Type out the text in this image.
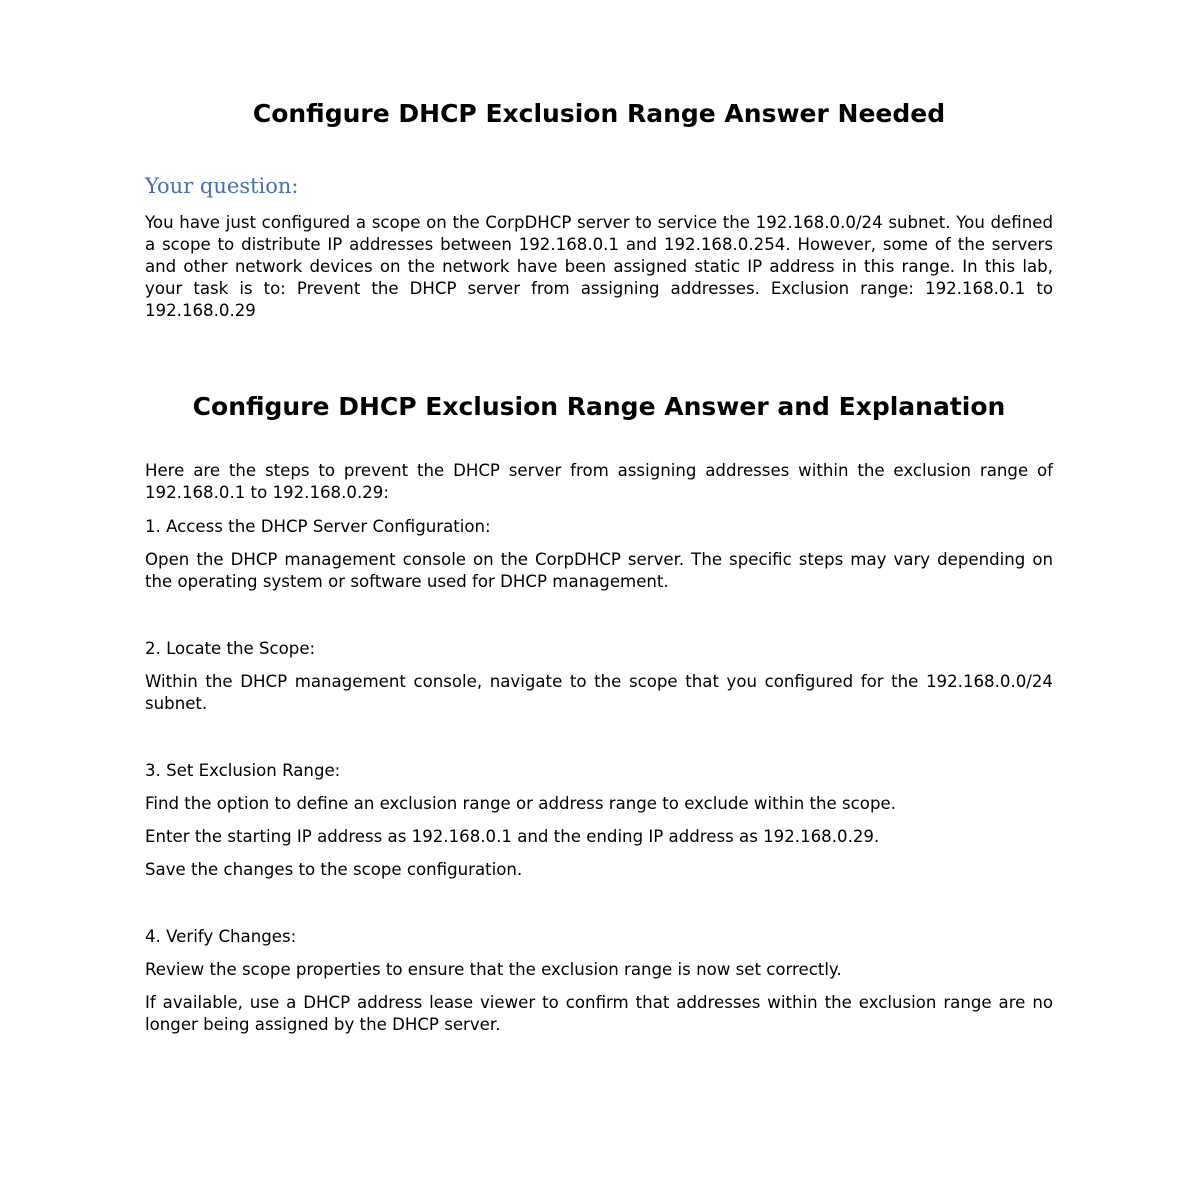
Configure DHCP Exclusion Range Answer Needed
Your question:

You have just configured a scope on the CorpDHCP server to service the 192.168.0.0/24 subnet. You defined a scope to distribute IP addresses between 192.168.0.1 and 192.168.0.254. However, some of the servers and other network devices on the network have been assigned static IP address in this range. In this lab, your task is to: Prevent the DHCP server from assigning addresses. Exclusion range: 192.168.0.1 to 192.168.0.29

Configure DHCP Exclusion Range Answer and Explanation

Here are the steps to prevent the DHCP server from assigning addresses within the exclusion range of 192.168.0.1 to 192.168.0.29:

1. Access the DHCP Server Configuration:

Open the DHCP management console on the CorpDHCP server. The specific steps may vary depending on the operating system or software used for DHCP management.

2. Locate the Scope:

Within the DHCP management console, navigate to the scope that you configured for the 192.168.0.0/24 subnet.

3. Set Exclusion Range:

Find the option to define an exclusion range or address range to exclude within the scope.

Enter the starting IP address as 192.168.0.1 and the ending IP address as 192.168.0.29.

Save the changes to the scope configuration.

4. Verify Changes:

Review the scope properties to ensure that the exclusion range is now set correctly.

If available, use a DHCP address lease viewer to confirm that addresses within the exclusion range are no longer being assigned by the DHCP server.
